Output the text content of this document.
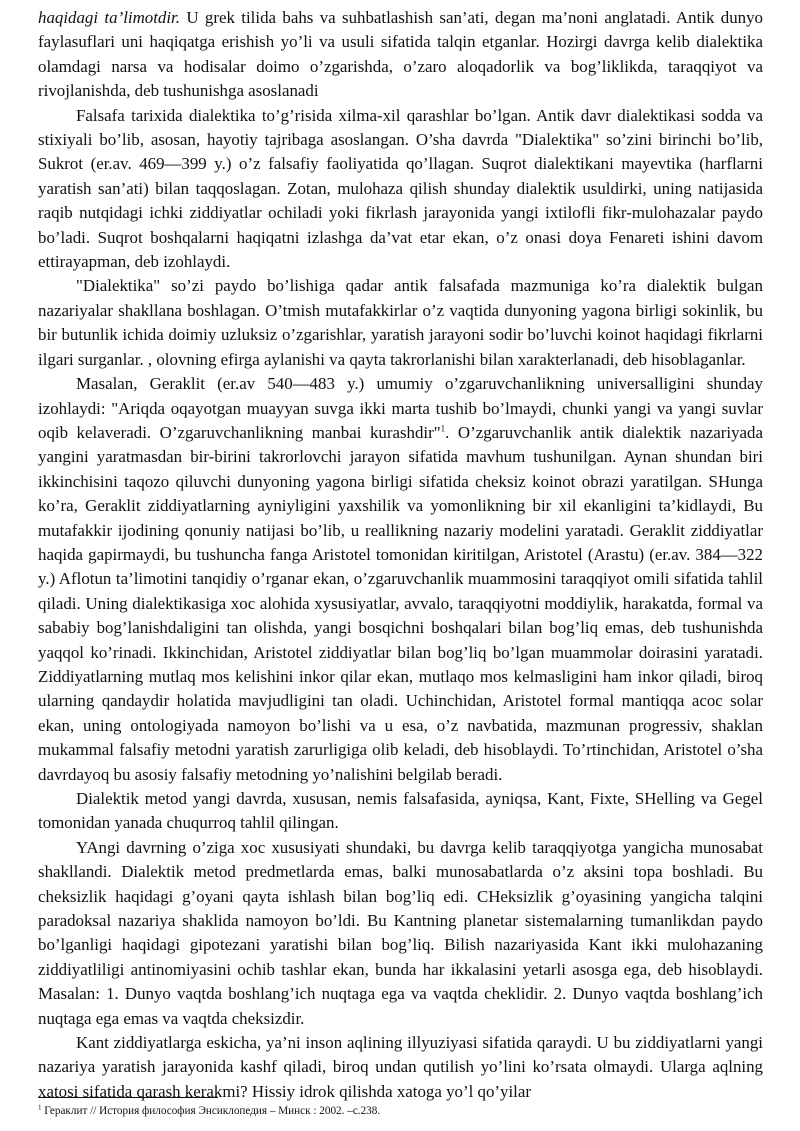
haqidagi ta’limotdir. U grek tilida bahs va suhbatlashish san’ati, degan ma’noni anglatadi. Antik dunyo faylasuflari uni haqiqatga erishish yo’li va usuli sifatida talqin etganlar. Hozirgi davrga kelib dialektika olamdagi narsa va hodisalar doimo o’zgarishda, o’zaro aloqadorlik va bog’liklikda, taraqqiyot va rivojlanishda, deb tushunishga asoslanadi

Falsafa tarixida dialektika to’g’risida xilma-xil qarashlar bo’lgan. Antik davr dialektikasi sodda va stixiyali bo’lib, asosan, hayotiy tajribaga asoslangan. O’sha davrda "Dialektika" so’zini birinchi bo’lib, Sukrot (er.av. 469—399 y.) o’z falsafiy faoliyatida qo’llagan. Suqrot dialektikani mayevtika (harflarni yaratish san’ati) bilan taqqoslagan. Zotan, mulohaza qilish shunday dialektik usuldirki, uning natijasida raqib nutqidagi ichki ziddiyatlar ochiladi yoki fikrlash jarayonida yangi ixtilofli fikr-mulohazalar paydo bo’ladi. Suqrot boshqalarni haqiqatni izlashga da’vat etar ekan, o’z onasi doya Fenareti ishini davom ettirayapman, deb izohlaydi.

"Dialektika" so’zi paydo bo’lishiga qadar antik falsafada mazmuniga ko’ra dialektik bulgan nazariyalar shakllana boshlagan. O’tmish mutafakkirlar o’z vaqtida dunyoning yagona birligi sokinlik, bu bir butunlik ichida doimiy uzluksiz o’zgarishlar, yaratish jarayoni sodir bo’luvchi koinot haqidagi fikrlarni ilgari surganlar. , olovning efirga aylanishi va qayta takrorlanishi bilan xarakterlanadi, deb hisoblaganlar.

Masalan, Geraklit (er.av 540—483 y.) umumiy o’zgaruvchanlikning universalligini shunday izohlaydi: "Ariqda oqayotgan muayyan suvga ikki marta tushib bo’lmaydi, chunki yangi va yangi suvlar oqib kelaveradi. O’zgaruvchanlikning manbai kurashdir"$^1$. O’zgaruvchanlik antik dialektik nazariyada yangini yaratmasdan bir-birini takrorlovchi jarayon sifatida mavhum tushunilgan. Aynan shundan biri ikkinchisini taqozo qiluvchi dunyoning yagona birligi sifatida cheksiz koinot obrazi yaratilgan. SHunga ko’ra, Geraklit ziddiyatlarning ayniyligini yaxshilik va yomonlikning bir xil ekanligini ta’kidlaydi, Bu mutafakkir ijodining qonuniy natijasi bo’lib, u reallikning nazariy modelini yaratadi. Geraklit ziddiyatlar haqida gapirmaydi, bu tushuncha fanga Aristotel tomonidan kiritilgan, Aristotel (Arastu) (er.av. 384—322 y.) Aflotun ta’limotini tanqidiy o’rganar ekan, o’zgaruvchanlik muammosini taraqqiyot omili sifatida tahlil qiladi. Uning dialektikasiga xoc alohida xysusiyatlar, avvalo, taraqqiyotni moddiylik, harakatda, formal va sababiy bog’lanishdaligini tan olishda, yangi bosqichni boshqalari bilan bog’liq emas, deb tushunishda yaqqol ko’rinadi. Ikkinchidan, Aristotel ziddiyatlar bilan bog’liq bo’lgan muammolar doirasini yaratadi. Ziddiyatlarning mutlaq mos kelishini inkor qilar ekan, mutlaqo mos kelmasligini ham inkor qiladi, biroq ularning qandaydir holatida mavjudligini tan oladi. Uchinchidan, Aristotel formal mantiqqa acoc solar ekan, uning ontologiyada namoyon bo’lishi va u esa, o’z navbatida, mazmunan progressiv, shaklan mukammal falsafiy metodni yaratish zarurligiga olib keladi, deb hisoblaydi. To’rtinchidan, Aristotel o’sha davrdayoq bu asosiy falsafiy metodning yo’nalishini belgilab beradi.

Dialektik metod yangi davrda, xususan, nemis falsafasida, ayniqsa, Kant, Fixte, SHelling va Gegel tomonidan yanada chuqurroq tahlil qilingan.

YAngi davrning o’ziga xoc xususiyati shundaki, bu davrga kelib taraqqiyotga yangicha munosabat shakllandi. Dialektik metod predmetlarda emas, balki munosabatlarda o’z aksini topa boshladi. Bu cheksizlik haqidagi g’oyani qayta ishlash bilan bog’liq edi. CHeksizlik g’oyasining yangicha talqini paradoksal nazariya shaklida namoyon bo’ldi. Bu Kantning planetar sistemalarning tumanlikdan paydo bo’lganligi haqidagi gipotezani yaratishi bilan bog’liq. Bilish nazariyasida Kant ikki mulohazaning ziddiyatliligi antinomiyasini ochib tashlar ekan, bunda har ikkalasini yetarli asosga ega, deb hisoblaydi. Masalan: 1. Dunyo vaqtda boshlang’ich nuqtaga ega va vaqtda cheklidir. 2. Dunyo vaqtda boshlang’ich nuqtaga ega emas va vaqtda cheksizdir.

Kant ziddiyatlarga eskicha, ya’ni inson aqlining illyuziyasi sifatida qaraydi. U bu ziddiyatlarni yangi nazariya yaratish jarayonida kashf qiladi, biroq undan qutilish yo’lini ko’rsata olmaydi. Ularga aqlning xatosi sifatida qarash kerakmi? Hissiy idrok qilishda xatoga yo’l qo’yilar

$^1$ Гераклит // История философия Энсиклопедия – Минск : 2002. –с.238.
